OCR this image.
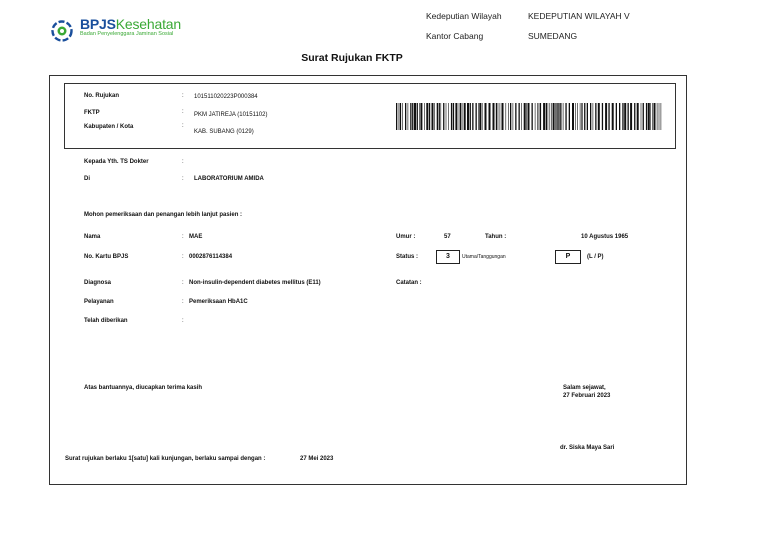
BPJSKesehatan
Badan Penyelenggara Jaminan Sosial
Kedeputian Wilayah	KEDEPUTIAN WILAYAH V
Kantor Cabang	SUMEDANG
Surat Rujukan FKTP
No. Rujukan	: 101511020223P000384
FKTP	: PKM JATIREJA (10151102)
Kabupaten / Kota	:
KAB. SUBANG (0129)
Kepada Yth. TS Dokter	:
Di	: LABORATORIUM AMIDA
Mohon pemeriksaan dan penangan lebih lanjut pasien :
Nama	: MAE	Umur :	57	Tahun :	10 Agustus 1965
No. Kartu BPJS	: 0002876114384	Status :	3	Utama/Tanggungan	P	(L / P)
Diagnosa	: Non-insulin-dependent diabetes mellitus (E11)	Catatan :
Pelayanan	: Pemeriksaan HbA1C
Telah diberikan	:
Atas bantuannya, diucapkan terima kasih	Salam sejawat,
27 Februari 2023
dr. Siska Maya Sari
Surat rujukan berlaku 1[satu] kali kunjungan, berlaku sampai dengan :	27 Mei 2023
